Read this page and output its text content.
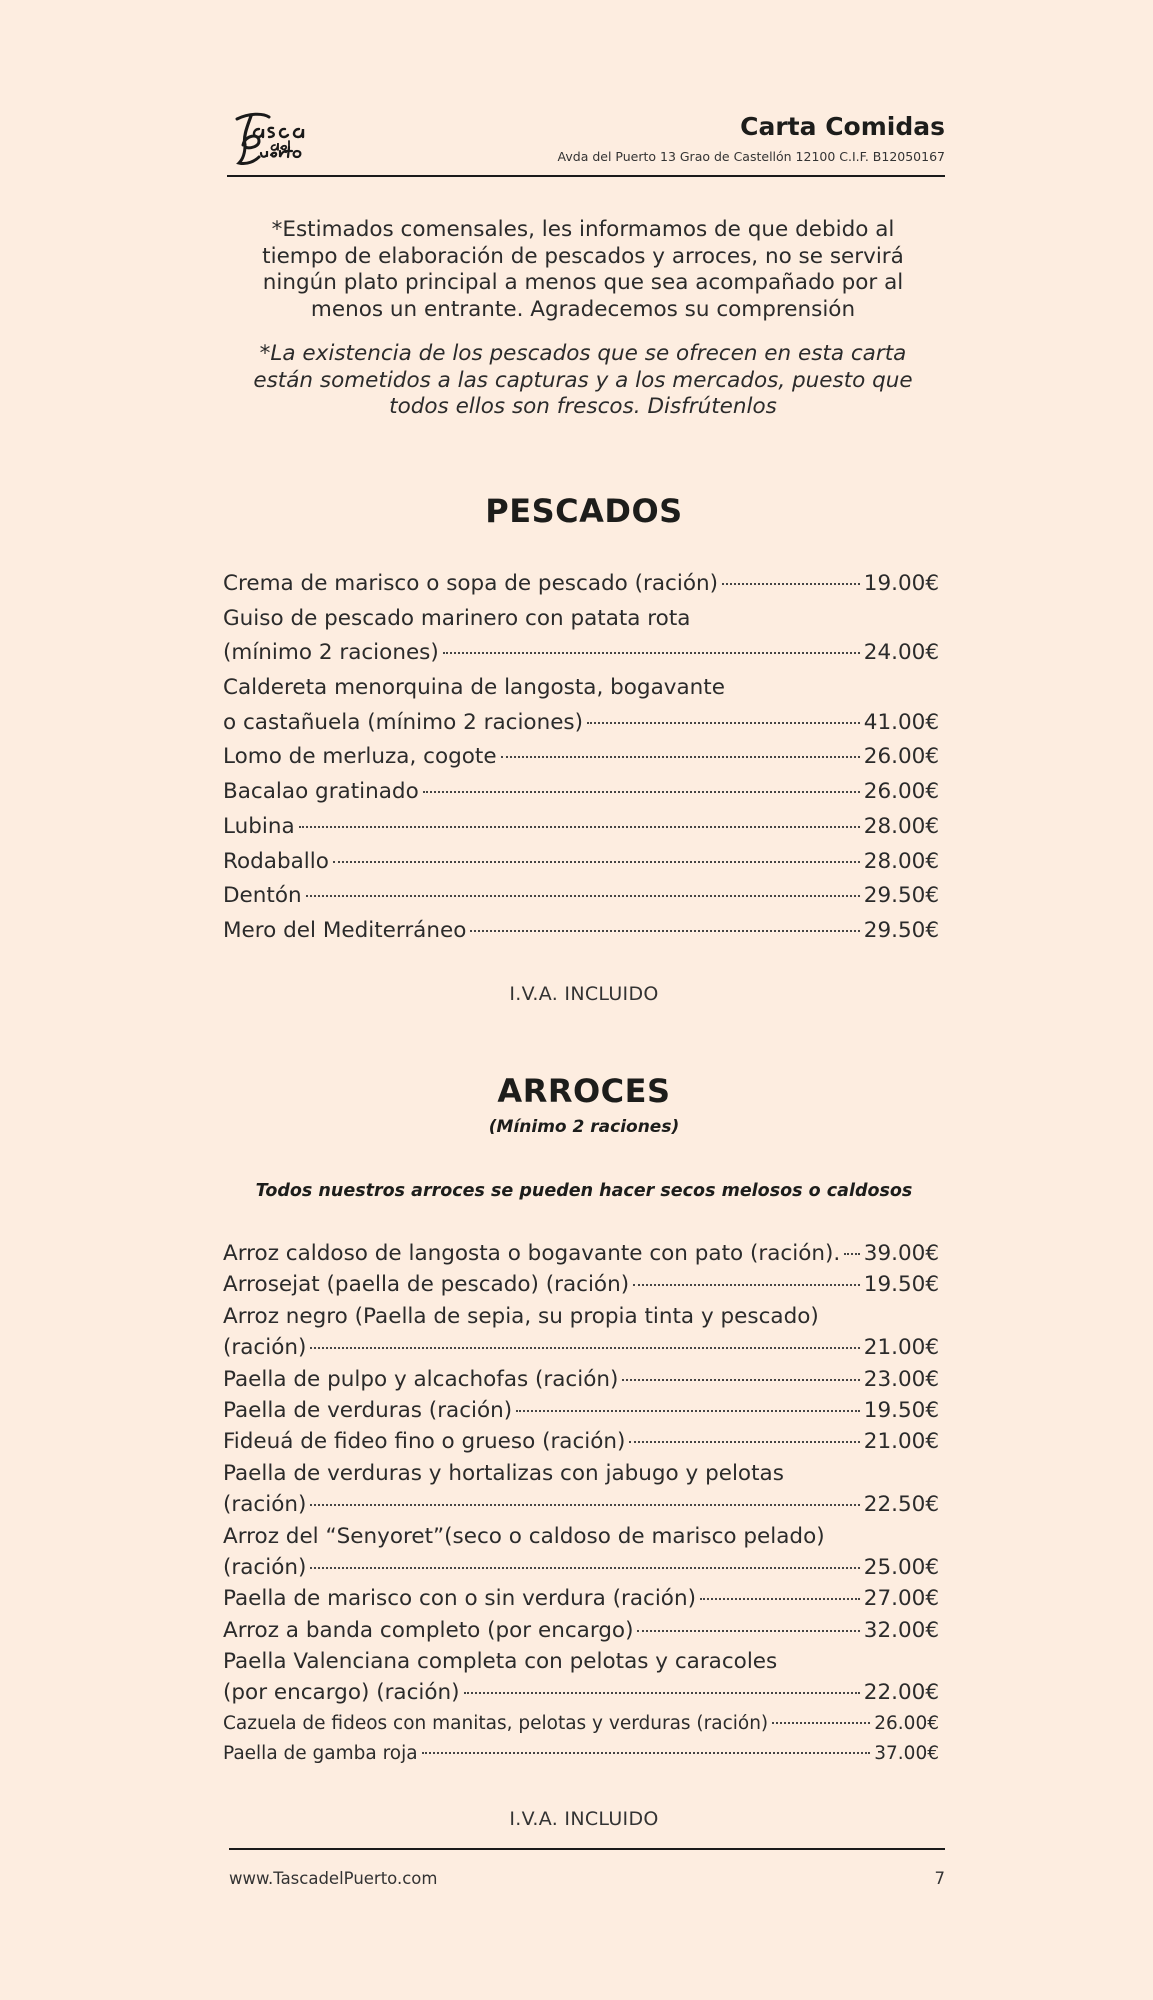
Carta Comidas
Avda del Puerto 13 Grao de Castellón 12100 C.I.F. B12050167
*Estimados comensales, les informamos de que debido al tiempo de elaboración de pescados y arroces, no se servirá ningún plato principal a menos que sea acompañado por al menos un entrante. Agradecemos su comprensión
*La existencia de los pescados que se ofrecen en esta carta están sometidos a las capturas y a los mercados, puesto que todos ellos son frescos. Disfrútenlos
PESCADOS
Crema de marisco o sopa de pescado (ración)	19.00€
Guiso de pescado marinero con patata rota
(mínimo 2 raciones)	24.00€
Caldereta menorquina de langosta, bogavante
o castañuela (mínimo 2 raciones)	41.00€
Lomo de merluza, cogote	26.00€
Bacalao gratinado	26.00€
Lubina	28.00€
Rodaballo	28.00€
Dentón	29.50€
Mero del Mediterráneo	29.50€
I.V.A. INCLUIDO
ARROCES
(Mínimo 2 raciones)
Todos nuestros arroces se pueden hacer secos melosos o caldosos
Arroz caldoso de langosta o bogavante con pato (ración). 39.00€
Arrosejat (paella de pescado) (ración)	19.50€
Arroz negro (Paella de sepia, su propia tinta y pescado)
(ración)	21.00€
Paella de pulpo y alcachofas (ración)	23.00€
Paella de verduras (ración)	19.50€
Fideuá de fideo fino o grueso (ración)	21.00€
Paella de verduras y hortalizas con jabugo y pelotas
(ración)	22.50€
Arroz del “Senyoret”(seco o caldoso de marisco pelado)
(ración)	25.00€
Paella de marisco con o sin verdura (ración)	27.00€
Arroz a banda completo (por encargo)	32.00€
Paella Valenciana completa con pelotas y caracoles
(por encargo) (ración)	22.00€
Cazuela de fideos con manitas, pelotas y verduras (ración)	26.00€
Paella de gamba roja	37.00€
I.V.A. INCLUIDO
www.TascadelPuerto.com	7
